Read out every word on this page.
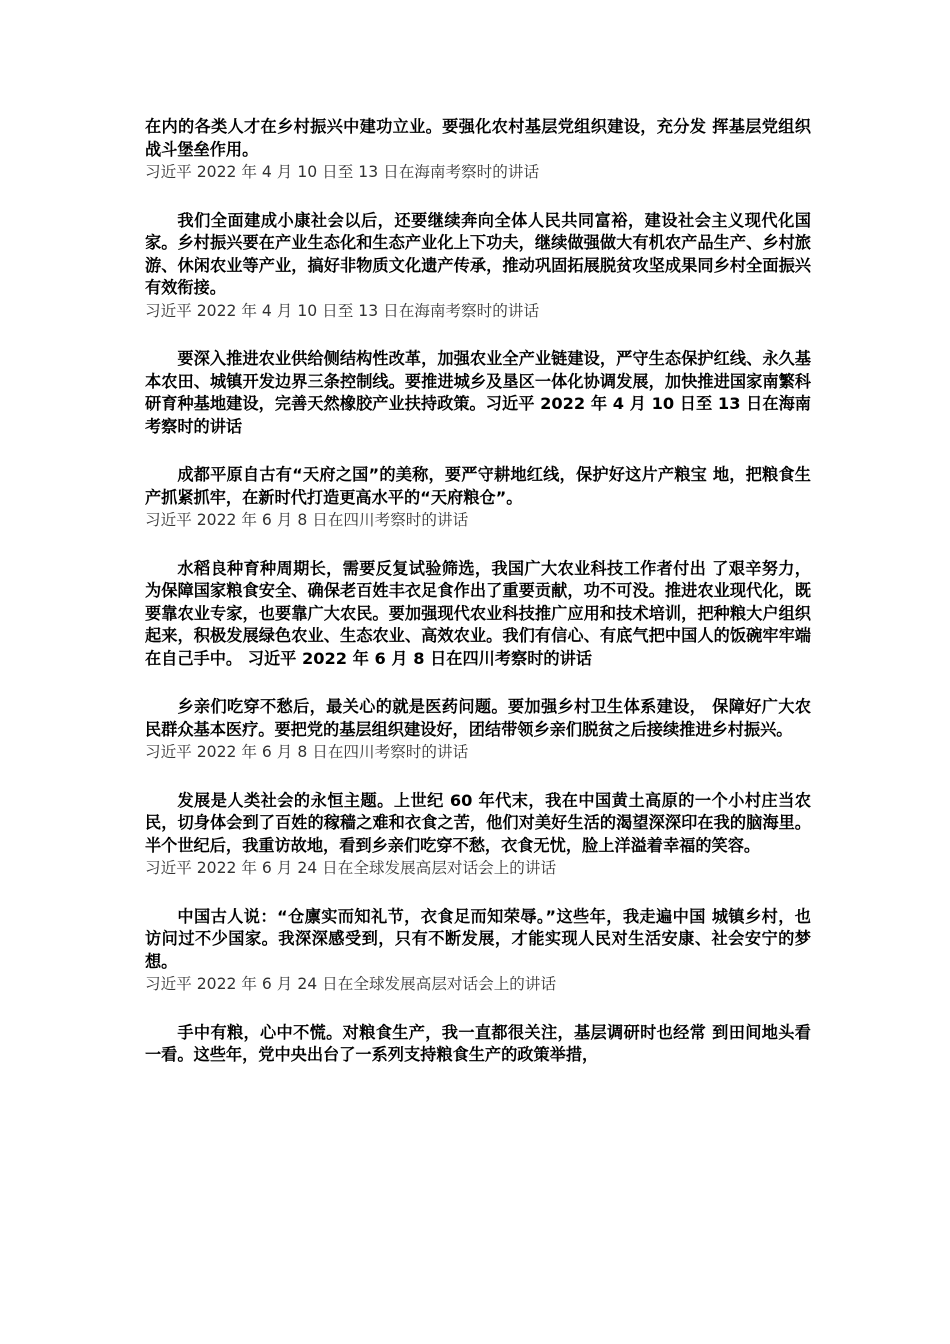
在内的各类人才在乡村振兴中建功立业。要强化农村基层党组织建设，充分发 挥基层党组织战斗堡垒作用。

习近平 2022 年 4 月 10 日至 13 日在海南考察时的讲话

我们全面建成小康社会以后，还要继续奔向全体人民共同富裕，建设社会主义现代化国家。乡村振兴要在产业生态化和生态产业化上下功夫，继续做强做大有机农产品生产、乡村旅游、休闲农业等产业，搞好非物质文化遗产传承，推动巩固拓展脱贫攻坚成果同乡村全面振兴有效衔接。

习近平 2022 年 4 月 10 日至 13 日在海南考察时的讲话

要深入推进农业供给侧结构性改革，加强农业全产业链建设，严守生态保护红线、永久基本农田、城镇开发边界三条控制线。要推进城乡及垦区一体化协调发展，加快推进国家南繁科研育种基地建设，完善天然橡胶产业扶持政策。习近平 2022 年 4 月 10 日至 13 日在海南考察时的讲话

成都平原自古有“天府之国”的美称，要严守耕地红线，保护好这片产粮宝 地，把粮食生产抓紧抓牢，在新时代打造更高水平的“天府粮仓”。

习近平 2022 年 6 月 8 日在四川考察时的讲话

水稻良种育种周期长，需要反复试验筛选，我国广大农业科技工作者付出 了艰辛努力，为保障国家粮食安全、确保老百姓丰衣足食作出了重要贡献，功不可没。推进农业现代化，既要靠农业专家，也要靠广大农民。要加强现代农业科技推广应用和技术培训，把种粮大户组织起来，积极发展绿色农业、生态农业、高效农业。我们有信心、有底气把中国人的饭碗牢牢端在自己手中。 习近平 2022 年 6 月 8 日在四川考察时的讲话

乡亲们吃穿不愁后，最关心的就是医药问题。要加强乡村卫生体系建设， 保障好广大农民群众基本医疗。要把党的基层组织建设好，团结带领乡亲们脱贫之后接续推进乡村振兴。

习近平 2022 年 6 月 8 日在四川考察时的讲话

发展是人类社会的永恒主题。上世纪 60 年代末，我在中国黄土高原的一个小村庄当农民，切身体会到了百姓的稼穑之难和衣食之苦，他们对美好生活的渴望深深印在我的脑海里。半个世纪后，我重访故地，看到乡亲们吃穿不愁，衣食无忧，脸上洋溢着幸福的笑容。

习近平 2022 年 6 月 24 日在全球发展高层对话会上的讲话

中国古人说：“仓廪实而知礼节，衣食足而知荣辱。”这些年，我走遍中国 城镇乡村，也访问过不少国家。我深深感受到，只有不断发展，才能实现人民对生活安康、社会安宁的梦想。

习近平 2022 年 6 月 24 日在全球发展高层对话会上的讲话

手中有粮，心中不慌。对粮食生产，我一直都很关注，基层调研时也经常 到田间地头看一看。这些年，党中央出台了一系列支持粮食生产的政策举措，
